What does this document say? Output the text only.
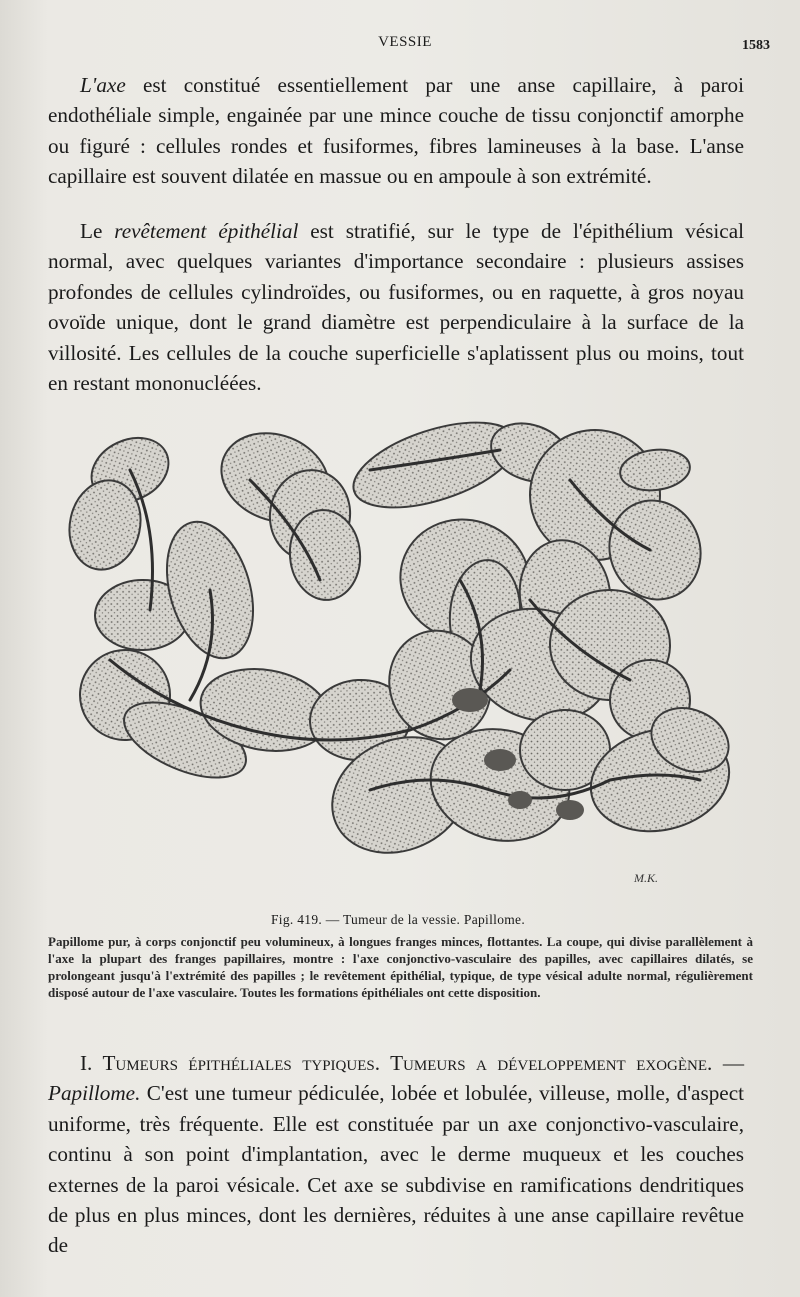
VESSIE	1583

L'axe est constitué essentiellement par une anse capillaire, à paroi endothéliale simple, engainée par une mince couche de tissu conjonctif amorphe ou figuré : cellules rondes et fusiformes, fibres lamineuses à la base. L'anse capillaire est souvent dilatée en massue ou en ampoule à son extrémité.

Le revêtement épithélial est stratifié, sur le type de l'épithélium vésical normal, avec quelques variantes d'importance secondaire : plusieurs assises profondes de cellules cylindroïdes, ou fusiformes, ou en raquette, à gros noyau ovoïde unique, dont le grand diamètre est perpendiculaire à la surface de la villosité. Les cellules de la couche superficielle s'aplatissent plus ou moins, tout en restant mononucléées.

M.K.
Fig. 419. — Tumeur de la vessie. Papillome.

Papillome pur, à corps conjonctif peu volumineux, à longues franges minces, flottantes. La coupe, qui divise parallèlement à l'axe la plupart des franges papillaires, montre : l'axe conjonctivo-vasculaire des papilles, avec capillaires dilatés, se prolongeant jusqu'à l'extrémité des papilles ; le revêtement épithélial, typique, de type vésical adulte normal, régulièrement disposé autour de l'axe vasculaire. Toutes les formations épithéliales ont cette disposition.

I. Tumeurs épithéliales typiques. Tumeurs a développement exogène. — Papillome. C'est une tumeur pédiculée, lobée et lobulée, villeuse, molle, d'aspect uniforme, très fréquente. Elle est constituée par un axe conjonctivo-vasculaire, continu à son point d'implantation, avec le derme muqueux et les couches externes de la paroi vésicale. Cet axe se subdivise en ramifications dendritiques de plus en plus minces, dont les dernières, réduites à une anse capillaire revêtue de
